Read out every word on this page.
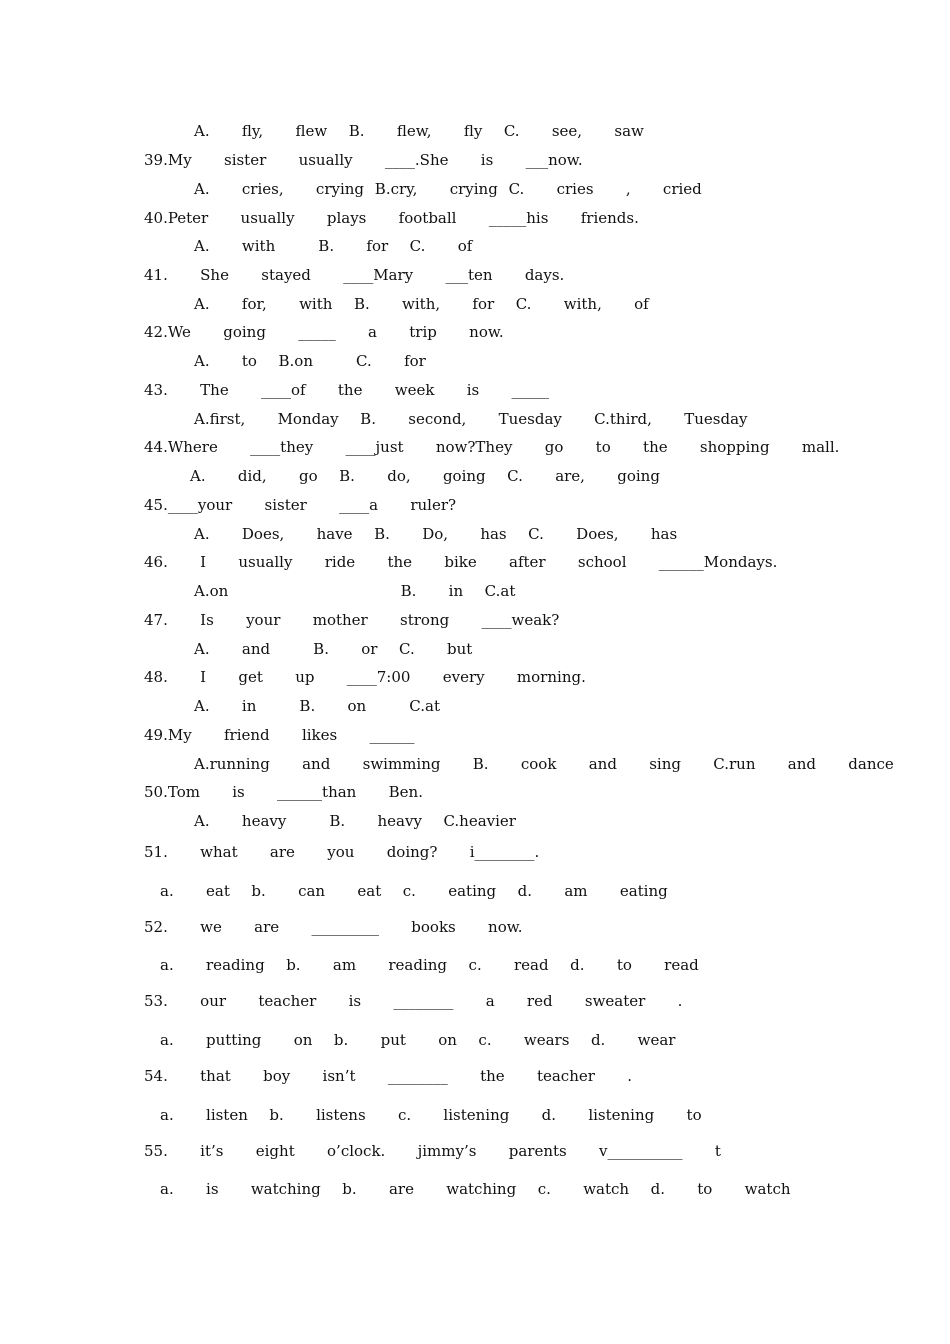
A.   fly,   flew  B.   flew,   fly  C.   see,   saw
39.My   sister   usually   ____.She   is   ___now.
A.   cries,   crying B.cry,   crying C.   cries   ,   cried
40.Peter   usually   plays   football   _____his   friends.
A.   with    B.   for  C.   of
41.   She   stayed   ____Mary   ___ten   days.
A.   for,   with  B.   with,   for  C.   with,   of
42.We   going   _____   a   trip   now.
A.   to  B.on    C.   for
43.   The   ____of   the   week   is   _____
A.first,   Monday  B.   second,   Tuesday   C.third,   Tuesday
44.Where   ____they   ____just   now?They   go   to   the   shopping   mall.
A.   did,   go  B.   do,   going  C.   are,   going
45.____your   sister   ____a   ruler?
A.   Does,   have  B.   Do,   has  C.   Does,   has
46.   I   usually   ride   the   bike   after   school   ______Mondays.
A.on                B.   in  C.at
47.   Is   your   mother   strong   ____weak?
A.   and    B.   or  C.   but
48.   I   get   up   ____7:00   every   morning.
A.   in    B.   on    C.at
49.My   friend   likes   ______
A.running   and   swimming   B.   cook   and   sing   C.run   and   dance
50.Tom   is   ______than   Ben.
A.   heavy    B.   heavy  C.heavier
51.   what   are   you   doing?   i________.
a.   eat  b.   can   eat  c.   eating  d.   am   eating
52.   we   are   _________   books   now.
a.   reading  b.   am   reading  c.   read  d.   to   read
53.   our   teacher   is   ________   a   red   sweater   .
a.   putting   on  b.   put   on  c.   wears  d.   wear
54.   that   boy   isn’t   ________   the   teacher   .
a.   listen  b.   listens   c.   listening   d.   listening   to
55.   it’s   eight   o’clock.   jimmy’s   parents   v__________   t
a.   is   watching  b.   are   watching  c.   watch  d.   to   watch
